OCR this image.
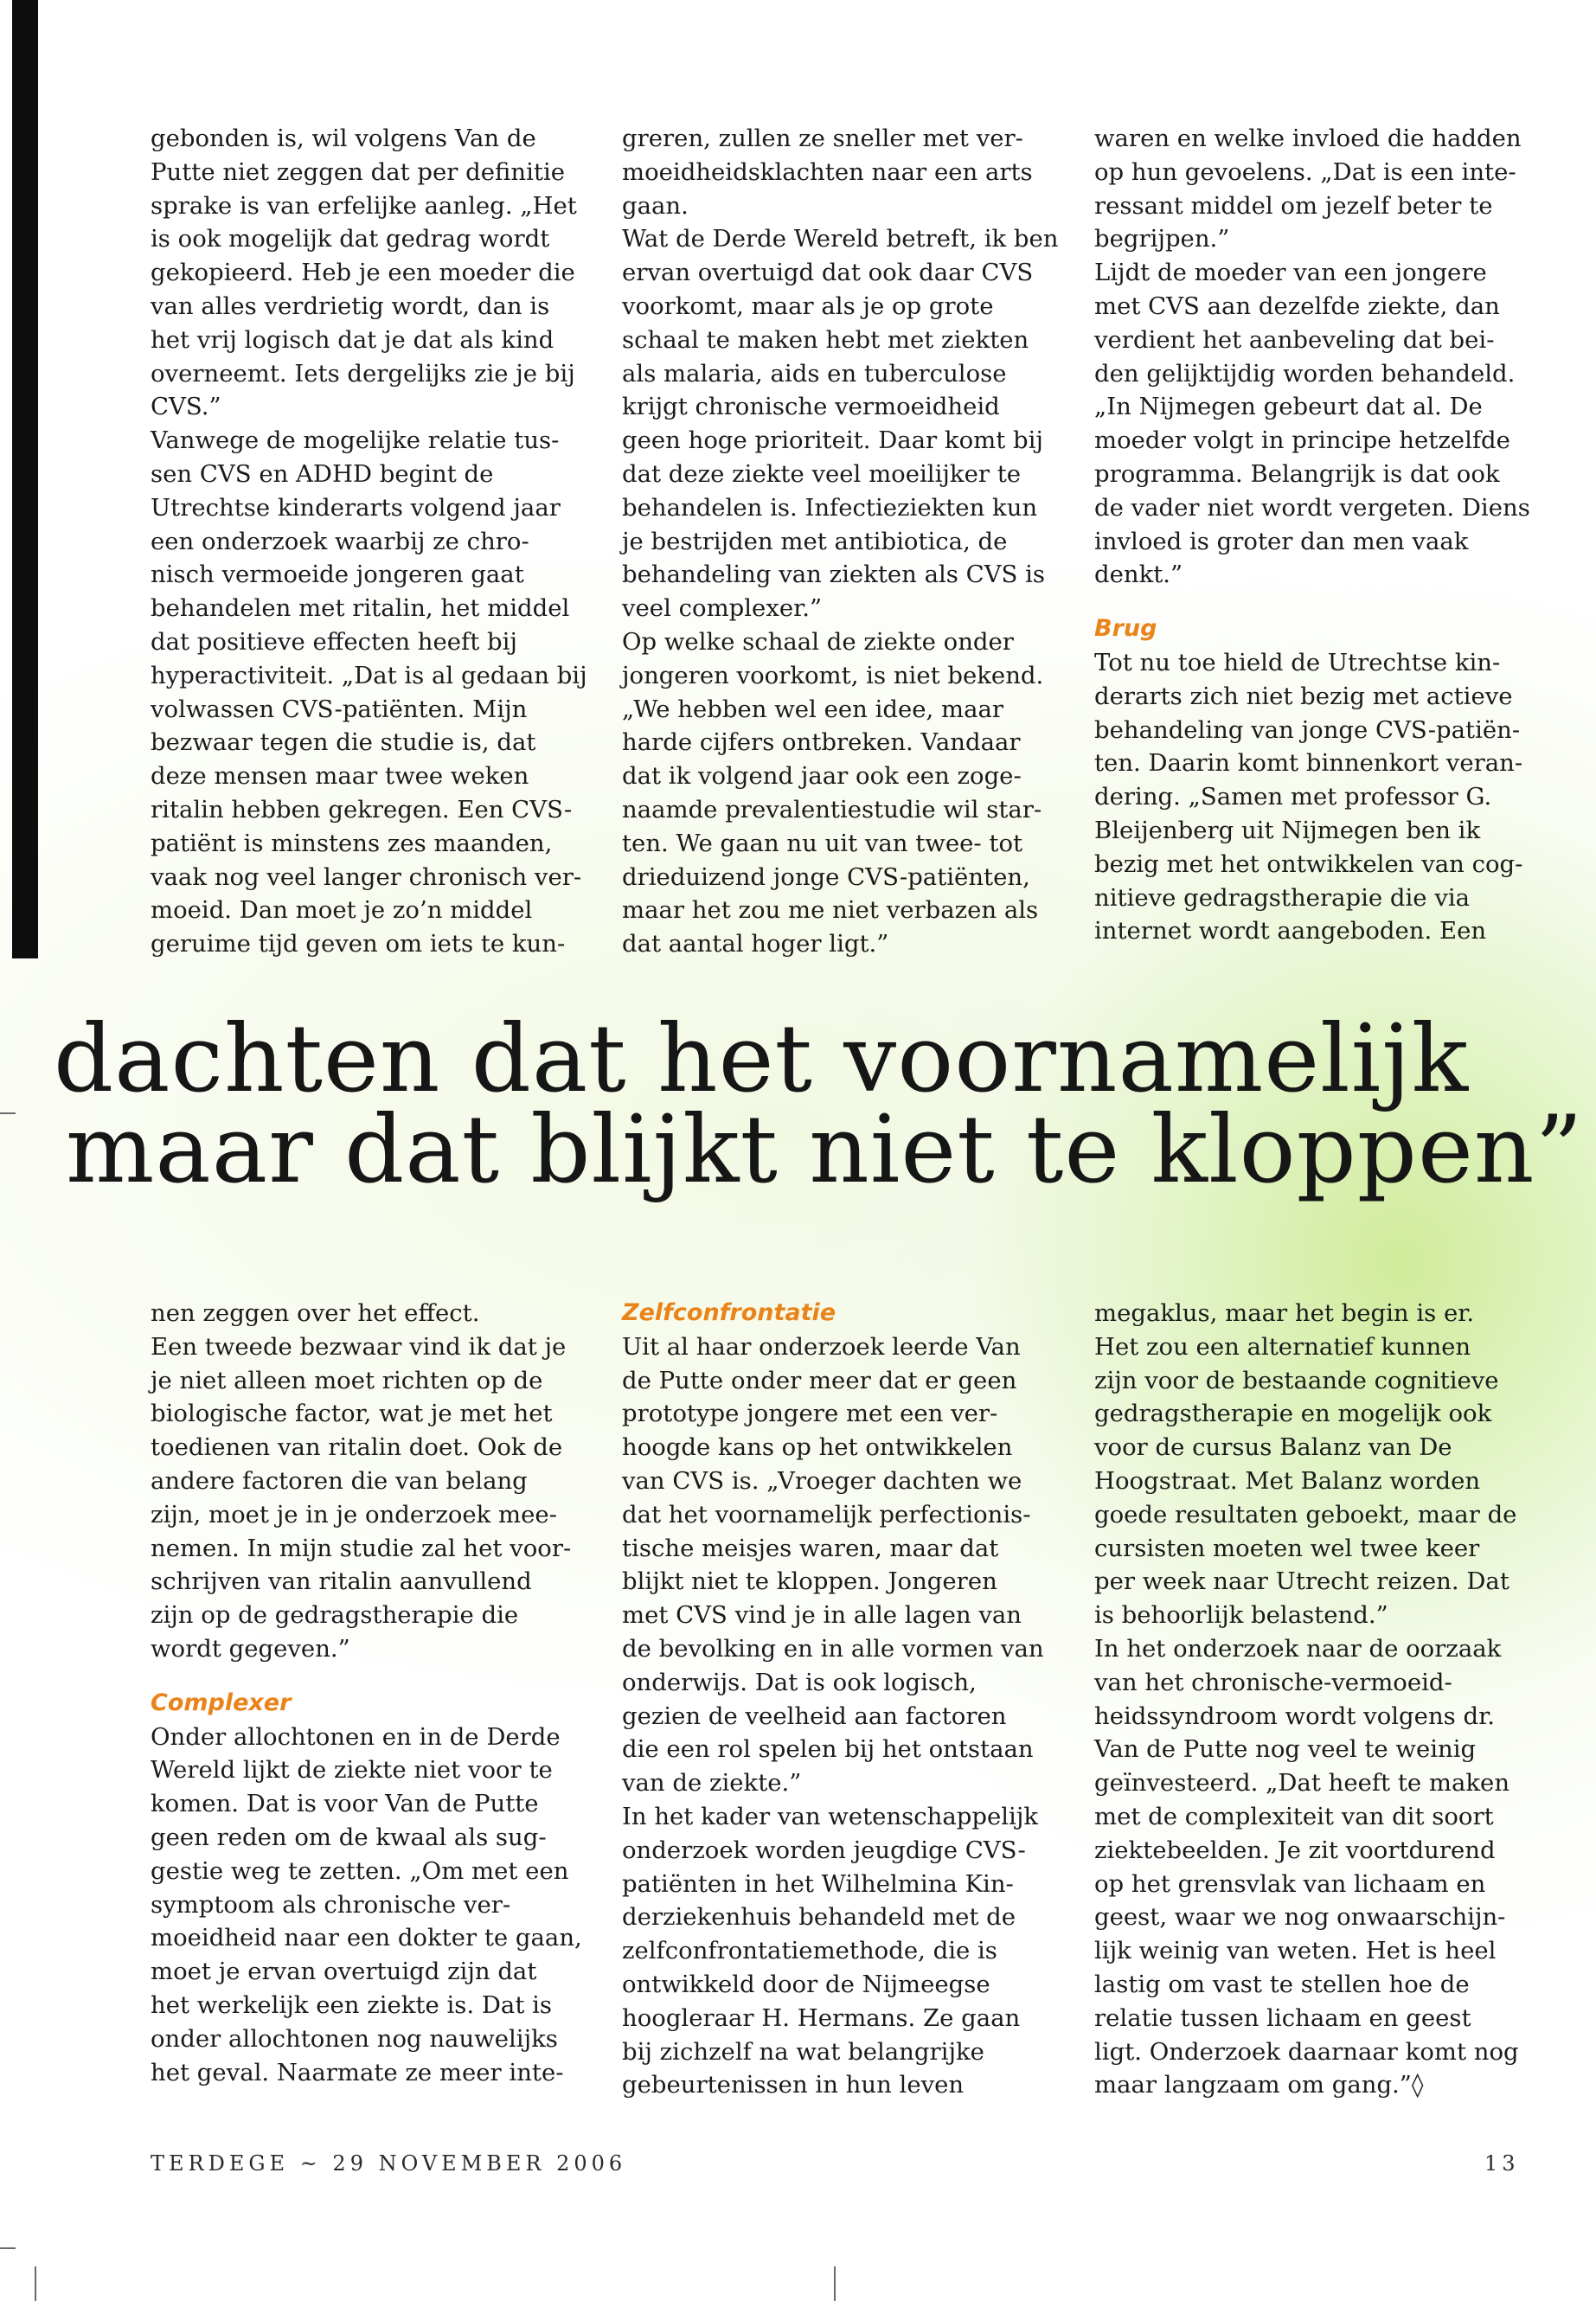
gebonden is, wil volgens Van de

Putte niet zeggen dat per definitie

sprake is van erfelijke aanleg. „Het

is ook mogelijk dat gedrag wordt

gekopieerd. Heb je een moeder die

van alles verdrietig wordt, dan is

het vrij logisch dat je dat als kind

overneemt. Iets dergelijks zie je bij

CVS.”

Vanwege de mogelijke relatie tus-

sen CVS en ADHD begint de

Utrechtse kinderarts volgend jaar

een onderzoek waarbij ze chro-

nisch vermoeide jongeren gaat

behandelen met ritalin, het middel

dat positieve effecten heeft bij

hyperactiviteit. „Dat is al gedaan bij

volwassen CVS-patiënten. Mijn

bezwaar tegen die studie is, dat

deze mensen maar twee weken

ritalin hebben gekregen. Een CVS-

patiënt is minstens zes maanden,

vaak nog veel langer chronisch ver-

moeid. Dan moet je zo’n middel

geruime tijd geven om iets te kun-

greren, zullen ze sneller met ver-

moeidheidsklachten naar een arts

gaan.

Wat de Derde Wereld betreft, ik ben

ervan overtuigd dat ook daar CVS

voorkomt, maar als je op grote

schaal te maken hebt met ziekten

als malaria, aids en tuberculose

krijgt chronische vermoeidheid

geen hoge prioriteit. Daar komt bij

dat deze ziekte veel moeilijker te

behandelen is. Infectieziekten kun

je bestrijden met antibiotica, de

behandeling van ziekten als CVS is

veel complexer.”

Op welke schaal de ziekte onder

jongeren voorkomt, is niet bekend.

„We hebben wel een idee, maar

harde cijfers ontbreken. Vandaar

dat ik volgend jaar ook een zoge-

naamde prevalentiestudie wil star-

ten. We gaan nu uit van twee- tot

drieduizend jonge CVS-patiënten,

maar het zou me niet verbazen als

dat aantal hoger ligt.”

waren en welke invloed die hadden

op hun gevoelens. „Dat is een inte-

ressant middel om jezelf beter te

begrijpen.”

Lijdt de moeder van een jongere

met CVS aan dezelfde ziekte, dan

verdient het aanbeveling dat bei-

den gelijktijdig worden behandeld.

„In Nijmegen gebeurt dat al. De

moeder volgt in principe hetzelfde

programma. Belangrijk is dat ook

de vader niet wordt vergeten. Diens

invloed is groter dan men vaak

denkt.”

Brug

Tot nu toe hield de Utrechtse kin-

derarts zich niet bezig met actieve

behandeling van jonge CVS-patiën-

ten. Daarin komt binnenkort veran-

dering. „Samen met professor G.

Bleijenberg uit Nijmegen ben ik

bezig met het ontwikkelen van cog-

nitieve gedragstherapie die via

internet wordt aangeboden. Een

dachten dat het voornamelijk
maar dat blijkt niet te kloppen”

nen zeggen over het effect.

Een tweede bezwaar vind ik dat je

je niet alleen moet richten op de

biologische factor, wat je met het

toedienen van ritalin doet. Ook de

andere factoren die van belang

zijn, moet je in je onderzoek mee-

nemen. In mijn studie zal het voor-

schrijven van ritalin aanvullend

zijn op de gedragstherapie die

wordt gegeven.”

Complexer

Onder allochtonen en in de Derde

Wereld lijkt de ziekte niet voor te

komen. Dat is voor Van de Putte

geen reden om de kwaal als sug-

gestie weg te zetten. „Om met een

symptoom als chronische ver-

moeidheid naar een dokter te gaan,

moet je ervan overtuigd zijn dat

het werkelijk een ziekte is. Dat is

onder allochtonen nog nauwelijks

het geval. Naarmate ze meer inte-

Zelfconfrontatie

Uit al haar onderzoek leerde Van

de Putte onder meer dat er geen

prototype jongere met een ver-

hoogde kans op het ontwikkelen

van CVS is. „Vroeger dachten we

dat het voornamelijk perfectionis-

tische meisjes waren, maar dat

blijkt niet te kloppen. Jongeren

met CVS vind je in alle lagen van

de bevolking en in alle vormen van

onderwijs. Dat is ook logisch,

gezien de veelheid aan factoren

die een rol spelen bij het ontstaan

van de ziekte.”

In het kader van wetenschappelijk

onderzoek worden jeugdige CVS-

patiënten in het Wilhelmina Kin-

derziekenhuis behandeld met de

zelfconfrontatiemethode, die is

ontwikkeld door de Nijmeegse

hoogleraar H. Hermans. Ze gaan

bij zichzelf na wat belangrijke

gebeurtenissen in hun leven

megaklus, maar het begin is er.

Het zou een alternatief kunnen

zijn voor de bestaande cognitieve

gedragstherapie en mogelijk ook

voor de cursus Balanz van De

Hoogstraat. Met Balanz worden

goede resultaten geboekt, maar de

cursisten moeten wel twee keer

per week naar Utrecht reizen. Dat

is behoorlijk belastend.”

In het onderzoek naar de oorzaak

van het chronische-vermoeid-

heidssyndroom wordt volgens dr.

Van de Putte nog veel te weinig

geïnvesteerd. „Dat heeft te maken

met de complexiteit van dit soort

ziektebeelden. Je zit voortdurend

op het grensvlak van lichaam en

geest, waar we nog onwaarschijn-

lijk weinig van weten. Het is heel

lastig om vast te stellen hoe de

relatie tussen lichaam en geest

ligt. Onderzoek daarnaar komt nog

maar langzaam om gang.”◊

TERDEGE ~ 29 NOVEMBER 2006	13
